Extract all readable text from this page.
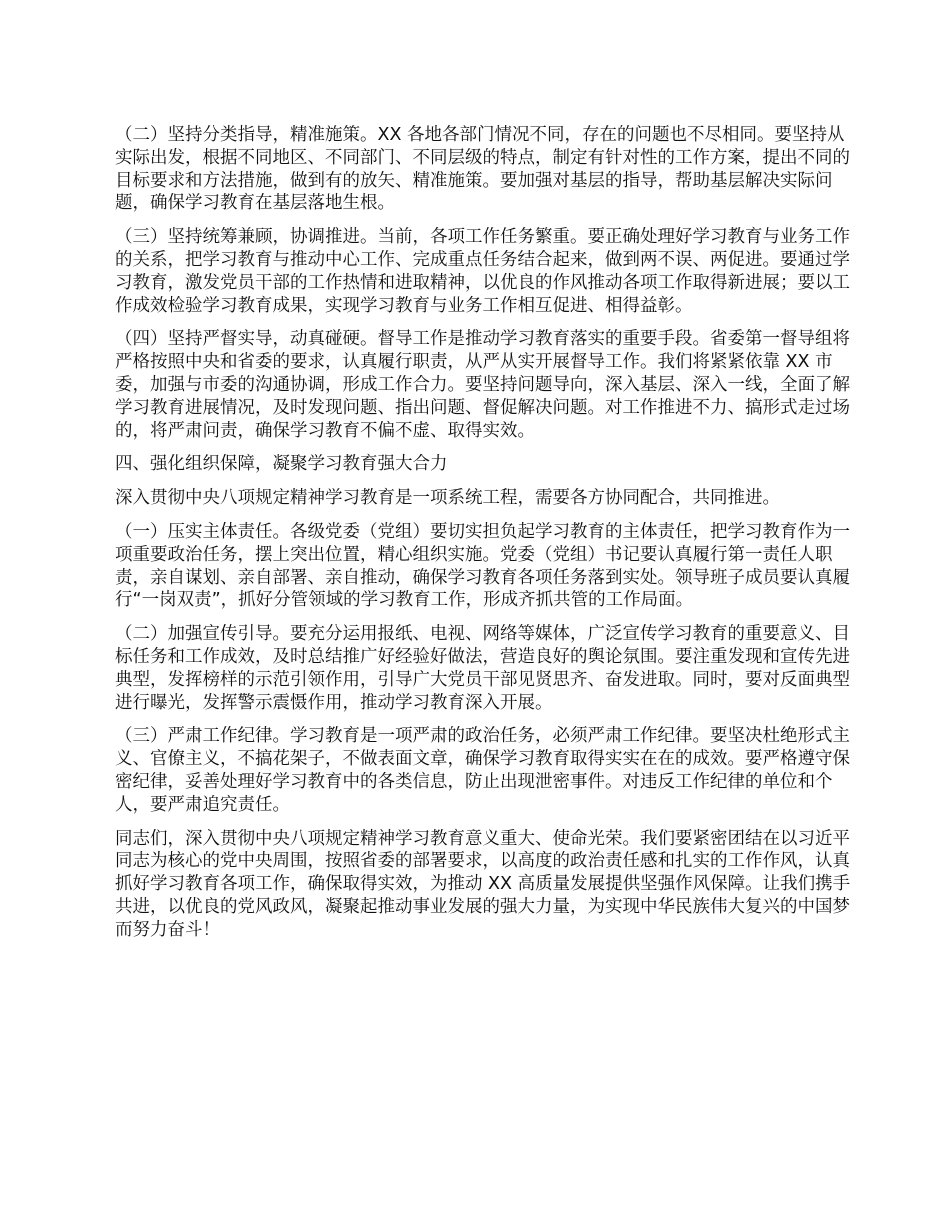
（二）坚持分类指导，精准施策。XX 各地各部门情况不同，存在的问题也不尽相同。要坚持从实际出发，根据不同地区、不同部门、不同层级的特点，制定有针对性的工作方案，提出不同的目标要求和方法措施，做到有的放矢、精准施策。要加强对基层的指导，帮助基层解决实际问题，确保学习教育在基层落地生根。

（三）坚持统筹兼顾，协调推进。当前，各项工作任务繁重。要正确处理好学习教育与业务工作的关系，把学习教育与推动中心工作、完成重点任务结合起来，做到两不误、两促进。要通过学习教育，激发党员干部的工作热情和进取精神，以优良的作风推动各项工作取得新进展；要以工作成效检验学习教育成果，实现学习教育与业务工作相互促进、相得益彰。

（四）坚持严督实导，动真碰硬。督导工作是推动学习教育落实的重要手段。省委第一督导组将严格按照中央和省委的要求，认真履行职责，从严从实开展督导工作。我们将紧紧依靠 XX 市委，加强与市委的沟通协调，形成工作合力。要坚持问题导向，深入基层、深入一线，全面了解学习教育进展情况，及时发现问题、指出问题、督促解决问题。对工作推进不力、搞形式走过场的，将严肃问责，确保学习教育不偏不虚、取得实效。

四、强化组织保障，凝聚学习教育强大合力

深入贯彻中央八项规定精神学习教育是一项系统工程，需要各方协同配合，共同推进。

（一）压实主体责任。各级党委（党组）要切实担负起学习教育的主体责任，把学习教育作为一项重要政治任务，摆上突出位置，精心组织实施。党委（党组）书记要认真履行第一责任人职责，亲自谋划、亲自部署、亲自推动，确保学习教育各项任务落到实处。领导班子成员要认真履行“一岗双责”，抓好分管领域的学习教育工作，形成齐抓共管的工作局面。

（二）加强宣传引导。要充分运用报纸、电视、网络等媒体，广泛宣传学习教育的重要意义、目标任务和工作成效，及时总结推广好经验好做法，营造良好的舆论氛围。要注重发现和宣传先进典型，发挥榜样的示范引领作用，引导广大党员干部见贤思齐、奋发进取。同时，要对反面典型进行曝光，发挥警示震慑作用，推动学习教育深入开展。

（三）严肃工作纪律。学习教育是一项严肃的政治任务，必须严肃工作纪律。要坚决杜绝形式主义、官僚主义，不搞花架子，不做表面文章，确保学习教育取得实实在在的成效。要严格遵守保密纪律，妥善处理好学习教育中的各类信息，防止出现泄密事件。对违反工作纪律的单位和个人，要严肃追究责任。

同志们，深入贯彻中央八项规定精神学习教育意义重大、使命光荣。我们要紧密团结在以习近平同志为核心的党中央周围，按照省委的部署要求，以高度的政治责任感和扎实的工作作风，认真抓好学习教育各项工作，确保取得实效，为推动 XX 高质量发展提供坚强作风保障。让我们携手共进，以优良的党风政风，凝聚起推动事业发展的强大力量，为实现中华民族伟大复兴的中国梦而努力奋斗！
